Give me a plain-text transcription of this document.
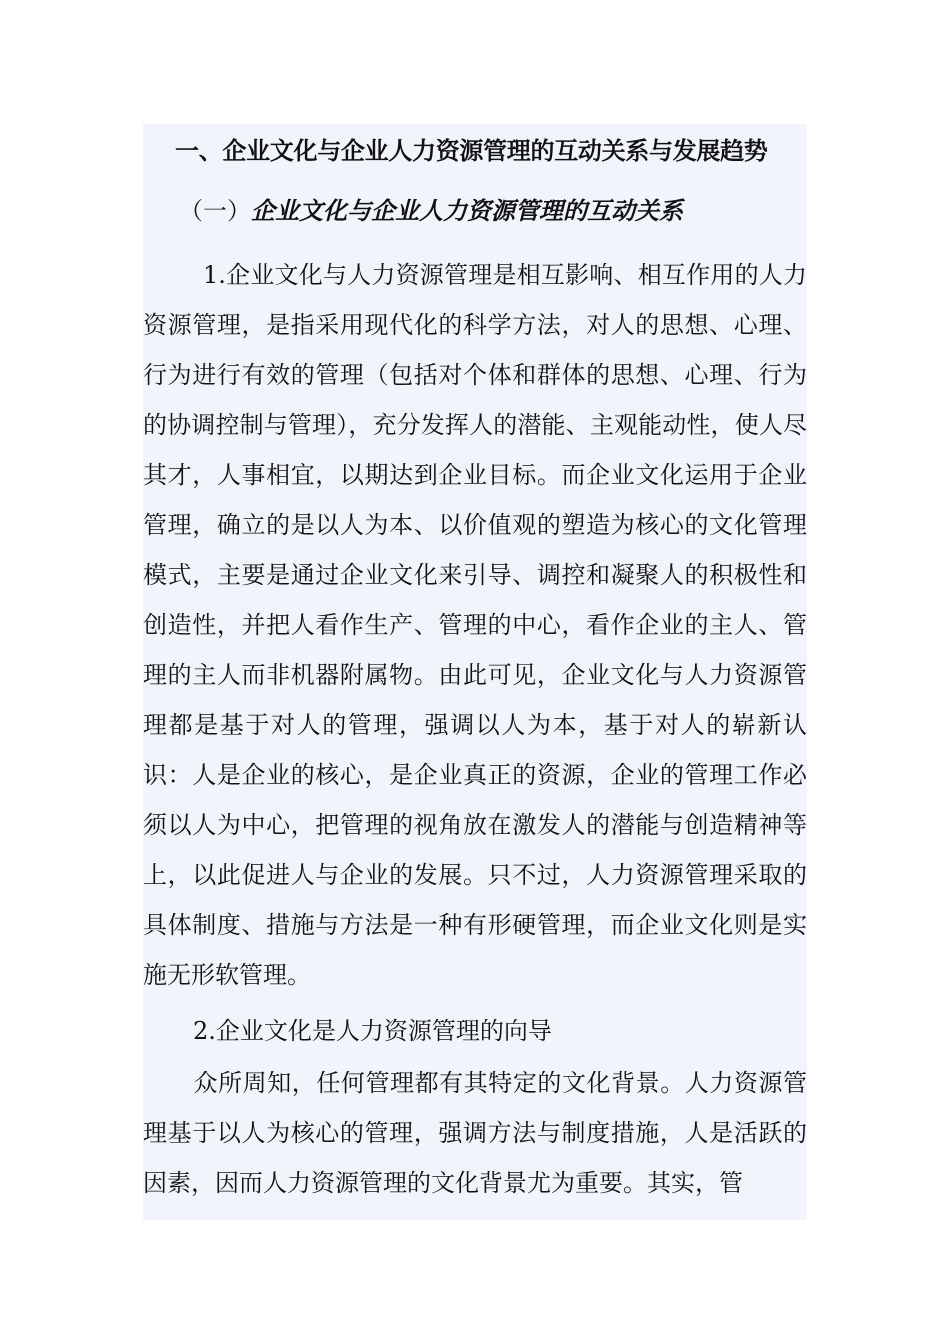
一、企业文化与企业人力资源管理的互动关系与发展趋势
（一）企业文化与企业人力资源管理的互动关系

1.企业文化与人力资源管理是相互影响、相互作用的人力资源管理，是指采用现代化的科学方法，对人的思想、心理、行为进行有效的管理（包括对个体和群体的思想、心理、行为的协调控制与管理），充分发挥人的潜能、主观能动性，使人尽其才，人事相宜，以期达到企业目标。而企业文化运用于企业管理，确立的是以人为本、以价值观的塑造为核心的文化管理模式，主要是通过企业文化来引导、调控和凝聚人的积极性和创造性，并把人看作生产、管理的中心，看作企业的主人、管理的主人而非机器附属物。由此可见，企业文化与人力资源管理都是基于对人的管理，强调以人为本，基于对人的崭新认识：人是企业的核心，是企业真正的资源，企业的管理工作必须以人为中心，把管理的视角放在激发人的潜能与创造精神等上，以此促进人与企业的发展。只不过，人力资源管理采取的具体制度、措施与方法是一种有形硬管理，而企业文化则是实施无形软管理。

2.企业文化是人力资源管理的向导

众所周知，任何管理都有其特定的文化背景。人力资源管理基于以人为核心的管理，强调方法与制度措施，人是活跃的因素，因而人力资源管理的文化背景尤为重要。其实，管
